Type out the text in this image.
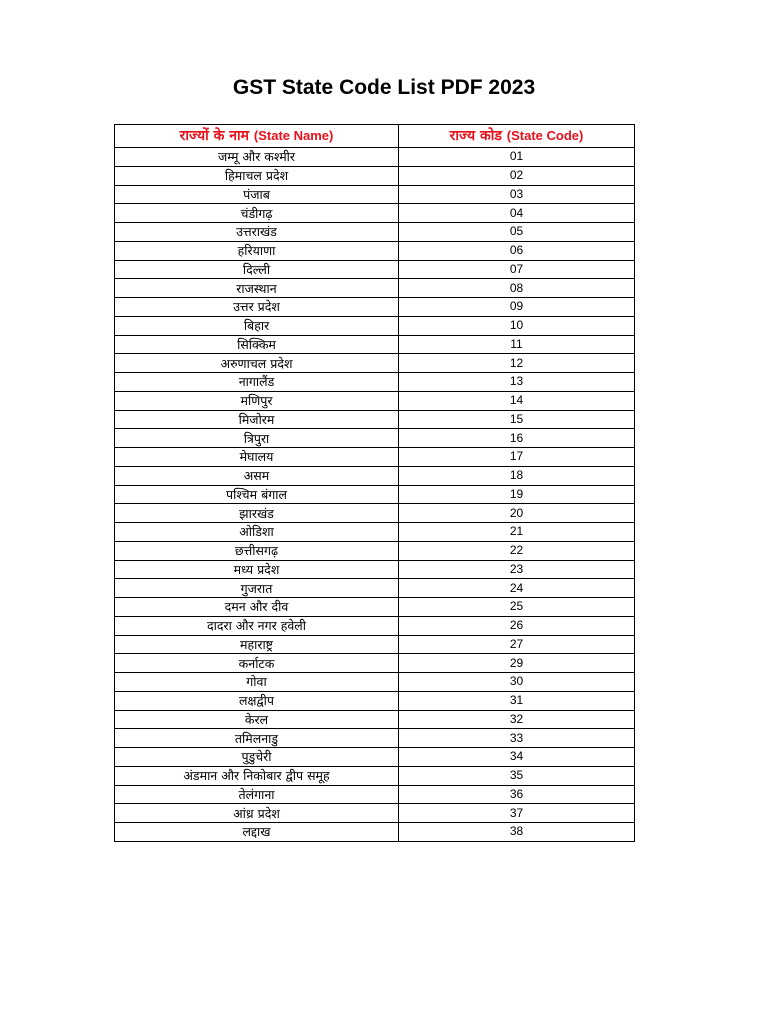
GST State Code List PDF 2023
राज्यों के नाम (State Name)	राज्य कोड (State Code)
जम्मू और कश्मीर	01
हिमाचल प्रदेश	02
पंजाब	03
चंडीगढ़	04
उत्तराखंड	05
हरियाणा	06
दिल्ली	07
राजस्थान	08
उत्तर प्रदेश	09
बिहार	10
सिक्किम	11
अरुणाचल प्रदेश	12
नागालैंड	13
मणिपुर	14
मिजोरम	15
त्रिपुरा	16
मेघालय	17
असम	18
पश्चिम बंगाल	19
झारखंड	20
ओडिशा	21
छत्तीसगढ़	22
मध्य प्रदेश	23
गुजरात	24
दमन और दीव	25
दादरा और नगर हवेली	26
महाराष्ट्र	27
कर्नाटक	29
गोवा	30
लक्षद्वीप	31
केरल	32
तमिलनाडु	33
पुडुचेरी	34
अंडमान और निकोबार द्वीप समूह	35
तेलंगाना	36
आंध्र प्रदेश	37
लद्दाख	38
